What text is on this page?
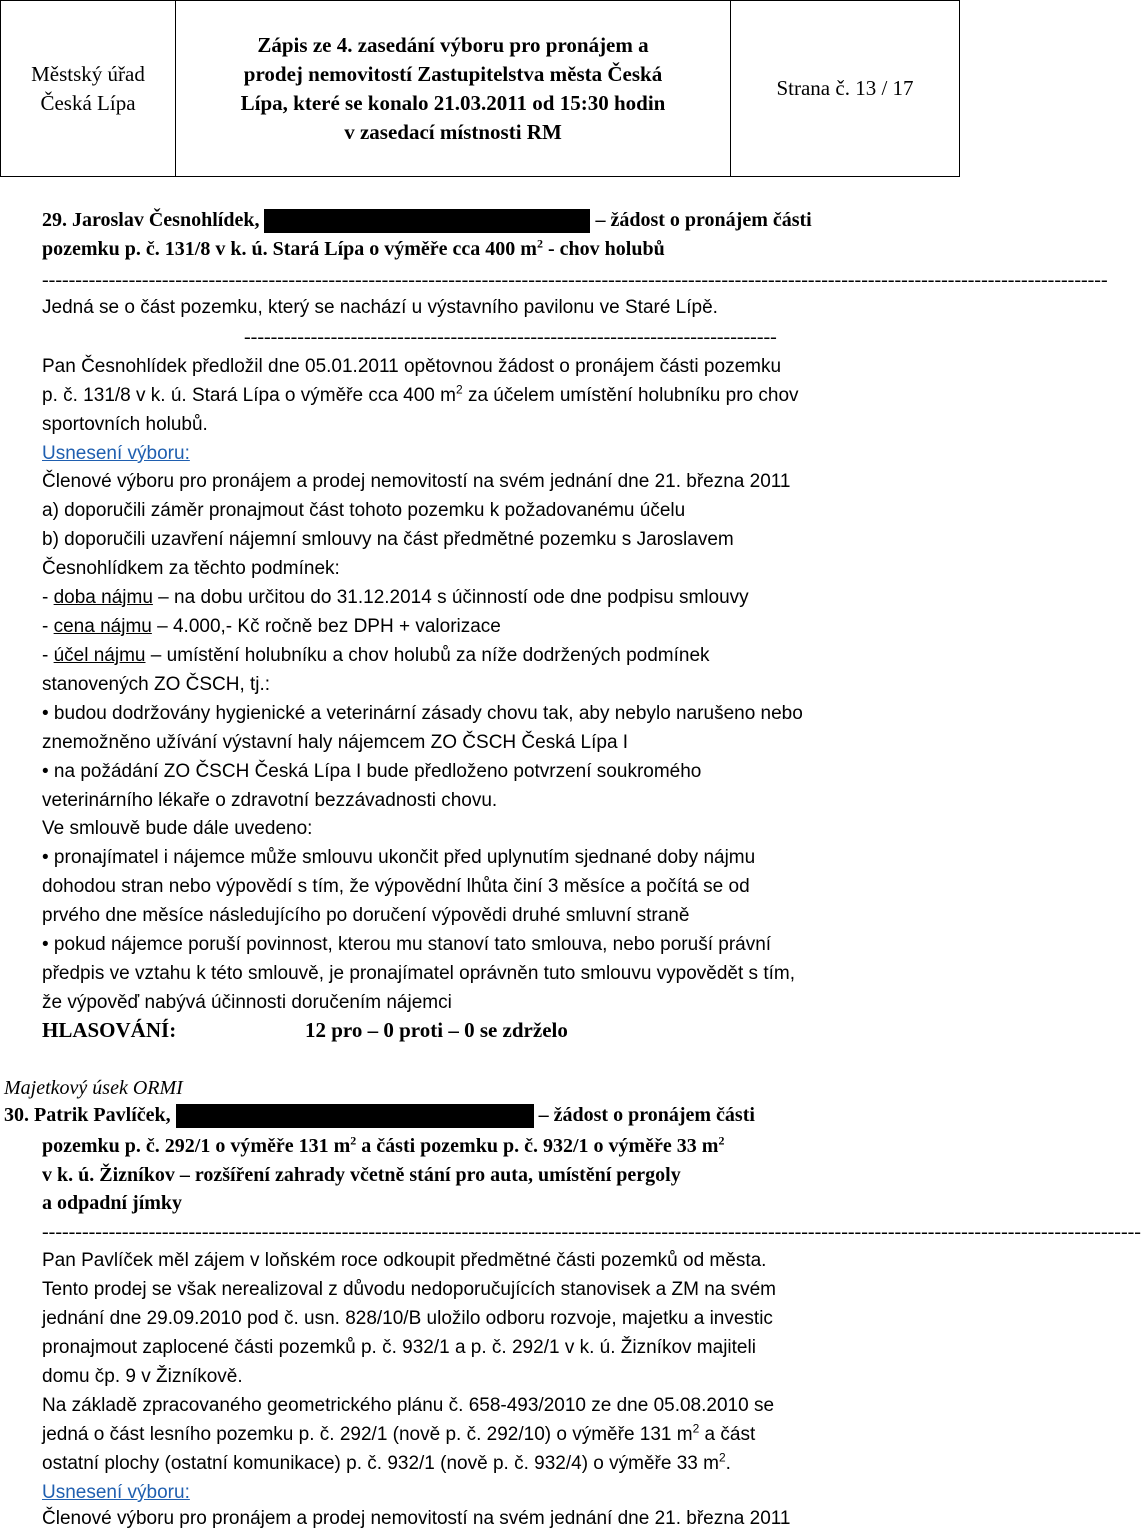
Městský úřad
Česká Lípa
Zápis ze 4. zasedání výboru pro pronájem a
prodej nemovitostí Zastupitelstva města Česká
Lípa, které se konalo 21.03.2011 od 15:30 hodin
v zasedací místnosti RM
Strana č. 13 / 17
29. Jaroslav Česnohlídek,	– žádost o pronájem části
pozemku p. č. 131/8 v k. ú. Stará Lípa o výměře cca 400 $m^2$ - chov holubů
----------------------------------------------------------------------------------------------------------------------------------------------------------------
Jedná se o část pozemku, který se nachází u výstavního pavilonu ve Staré Lípě.
--------------------------------------------------------------------------------
Pan Česnohlídek předložil dne 05.01.2011 opětovnou žádost o pronájem části pozemku
p. č. 131/8 v k. ú. Stará Lípa o výměře cca 400 $m^2$ za účelem umístění holubníku pro chov
sportovních holubů.
Usnesení výboru:
Členové výboru pro pronájem a prodej nemovitostí na svém jednání dne 21. března 2011
a) doporučili záměr pronajmout část tohoto pozemku k požadovanému účelu
b) doporučili uzavření nájemní smlouvy na část předmětné pozemku s Jaroslavem
Česnohlídkem za těchto podmínek:
- doba nájmu – na dobu určitou do 31.12.2014 s účinností ode dne podpisu smlouvy
- cena nájmu – 4.000,- Kč ročně bez DPH + valorizace
- účel nájmu – umístění holubníku a chov holubů za níže dodržených podmínek
stanovených ZO ČSCH, tj.:
• budou dodržovány hygienické a veterinární zásady chovu tak, aby nebylo narušeno nebo
znemožněno užívání výstavní haly nájemcem ZO ČSCH Česká Lípa I
• na požádání ZO ČSCH Česká Lípa I bude předloženo potvrzení soukromého
veterinárního lékaře o zdravotní bezzávadnosti chovu.
Ve smlouvě bude dále uvedeno:
• pronajímatel i nájemce může smlouvu ukončit před uplynutím sjednané doby nájmu
dohodou stran nebo výpovědí s tím, že výpovědní lhůta činí 3 měsíce a počítá se od
prvého dne měsíce následujícího po doručení výpovědi druhé smluvní straně
• pokud nájemce poruší povinnost, kterou mu stanoví tato smlouva, nebo poruší právní
předpis ve vztahu k této smlouvě, je pronajímatel oprávněn tuto smlouvu vypovědět s tím,
že výpověď nabývá účinnosti doručením nájemci
HLASOVÁNÍ:	12 pro – 0 proti – 0 se zdrželo
Majetkový úsek ORMI
30. Patrik Pavlíček,	– žádost o pronájem části
pozemku p. č. 292/1 o výměře 131 $m^2$ a části pozemku p. č. 932/1 o výměře 33 $m^2$
v k. ú. Žizníkov – rozšíření zahrady včetně stání pro auta, umístění pergoly
a odpadní jímky
---------------------------------------------------------------------------------------------------------------------------------------------------------------------
Pan Pavlíček měl zájem v loňském roce odkoupit předmětné části pozemků od města.
Tento prodej se však nerealizoval z důvodu nedoporučujících stanovisek a ZM na svém
jednání dne 29.09.2010 pod č. usn. 828/10/B uložilo odboru rozvoje, majetku a investic
pronajmout zaplocené části pozemků p. č. 932/1 a p. č. 292/1 v k. ú. Žizníkov majiteli
domu čp. 9 v Žizníkově.
Na základě zpracovaného geometrického plánu č. 658-493/2010 ze dne 05.08.2010 se
jedná o část lesního pozemku p. č. 292/1 (nově p. č. 292/10) o výměře 131 $m^2$ a část
ostatní plochy (ostatní komunikace) p. č. 932/1 (nově p. č. 932/4) o výměře 33 $m^2$.
Usnesení výboru:
Členové výboru pro pronájem a prodej nemovitostí na svém jednání dne 21. března 2011
